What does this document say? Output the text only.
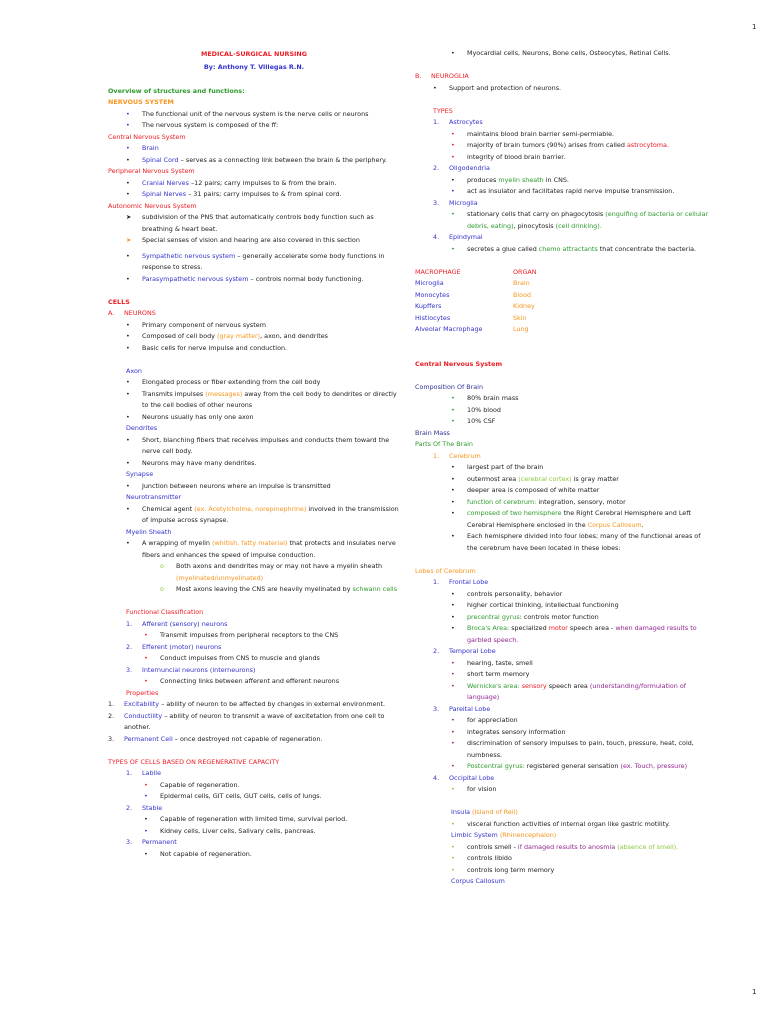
1
MEDICAL-SURGICAL NURSING
By: Anthony T. Villegas R.N.
Overview of structures and functions:
NERVOUS SYSTEM
• The functional unit of the nervous system is the nerve cells or neurons
• The nervous system is composed of the ff:
Central Nervous System
• Brain
• Spinal Cord – serves as a connecting link between the brain & the periphery.
Peripheral Nervous System
• Cranial Nerves –12 pairs; carry impulses to & from the brain.
• Spinal Nerves – 31 pairs; carry impulses to & from spinal cord.
Autonomic Nervous System
➤ subdivision of the PNS that automatically controls body function such as breathing & heart beat.
➤ Special senses of vision and hearing are also covered in this section
• Sympathetic nervous system – generally accelerate some body functions in response to stress.
• Parasympathetic nervous system – controls normal body functioning.
CELLS
A. NEURONS
• Primary component of nervous system
• Composed of cell body (gray matter), axon, and dendrites
• Basic cells for nerve impulse and conduction.
Axon
• Elongated process or fiber extending from the cell body
• Transmits impulses (messages) away from the cell body to dendrites or directly to the cell bodies of other neurons
• Neurons usually has only one axon
Dendrites
• Short, blanching fibers that receives impulses and conducts them toward the nerve cell body.
• Neurons may have many dendrites.
Synapse
• Junction between neurons where an impulse is transmitted
Neurotransmitter
• Chemical agent (ex. Acetylcholine, norepinephrine) involved in the transmission of impulse across synapse.
Myelin Sheath
• A wrapping of myelin (whitish, fatty material) that protects and insulates nerve fibers and enhances the speed of impulse conduction.
o Both axons and dendrites may or may not have a myelin sheath (myelinated/unmyelinated)
o Most axons leaving the CNS are heavily myelinated by schwann cells
Functional Classification
1. Afferent (sensory) neurons
• Transmit impulses from peripheral receptors to the CNS
2. Efferent (motor) neurons
• Conduct impulses from CNS to muscle and glands
3. Internuncial neurons (interneurons)
• Connecting links between afferent and efferent neurons
Properties
1. Excitability – ability of neuron to be affected by changes in external environment.
2. Conductility – ability of neuron to transmit a wave of excitetation from one cell to another.
3. Permanent Cell – once destroyed not capable of regeneration.
TYPES OF CELLS BASED ON REGENERATIVE CAPACITY
1. Labile
• Capable of regeneration.
• Epidermal cells, GIT cells, GUT cells, cells of lungs.
2. Stable
• Capable of regeneration with limited time, survival period.
• Kidney cells, Liver cells, Salivary cells, pancreas.
3. Permanent
• Not capable of regeneration.
• Myocardial cells, Neurons, Bone cells, Osteocytes, Retinal Cells.
B. NEUROGLIA
• Support and protection of neurons.
TYPES
1. Astrocytes
• maintains blood brain barrier semi-permiable.
• majority of brain tumors (90%) arises from called astrocytoma.
• integrity of blood brain barrier.
2. Oligodendria
• produces myelin sheath in CNS.
• act as insulator and facilitates rapid nerve impulse transmission.
3. Microglia
• stationary cells that carry on phagocytosis (engulfing of bacteria or cellular debris, eating), pinocytosis (cell drinking).
4. Epindymal
• secretes a glue called chemo attractants that concentrate the bacteria.
MACROPHAGE	ORGAN
Microglia	Brain
Monocytes	Blood
Kupffers	Kidney
Histiocytes	Skin
Alveolar Macrophage	Lung
Central Nervous System
Composition Of Brain
• 80% brain mass
• 10% blood
• 10% CSF
Brain Mass
Parts Of The Brain
1. Cerebrum
• largest part of the brain
• outermost area (cerebral cortex) is gray matter
• deeper area is composed of white matter
• function of cerebrum: integration, sensory, motor
• composed of two hemisphere the Right Cerebral Hemisphere and Left Cerebral Hemisphere enclosed in the Corpus Callosum.
• Each hemisphere divided into four lobes; many of the functional areas of the cerebrum have been located in these lobes:
Lobes of Cerebrum
1. Frontal Lobe
• controls personality, behavior
• higher cortical thinking, intellectual functioning
• precentral gyrus: controls motor function
• Broca's Area: specialized motor speech area - when damaged results to garbled speech.
2. Temporal Lobe
• hearing, taste, smell
• short term memory
• Wernicke's area: sensory speech area (understanding/formulation of language)
3. Pareital Lobe
• for appreciation
• integrates sensory information
• discrimination of sensory impulses to pain, touch, pressure, heat, cold, numbness.
• Postcentral gyrus: registered general sensation (ex. Touch, pressure)
4. Occipital Lobe
• for vision
Insula (Island of Reil)
• visceral function activities of internal organ like gastric motility.
Limbic System (Rhinencephalon)
• controls smell - if damaged results to anosmia (absence of smell).
• controls libido
• controls long term memory
Corpus Callosum
1
